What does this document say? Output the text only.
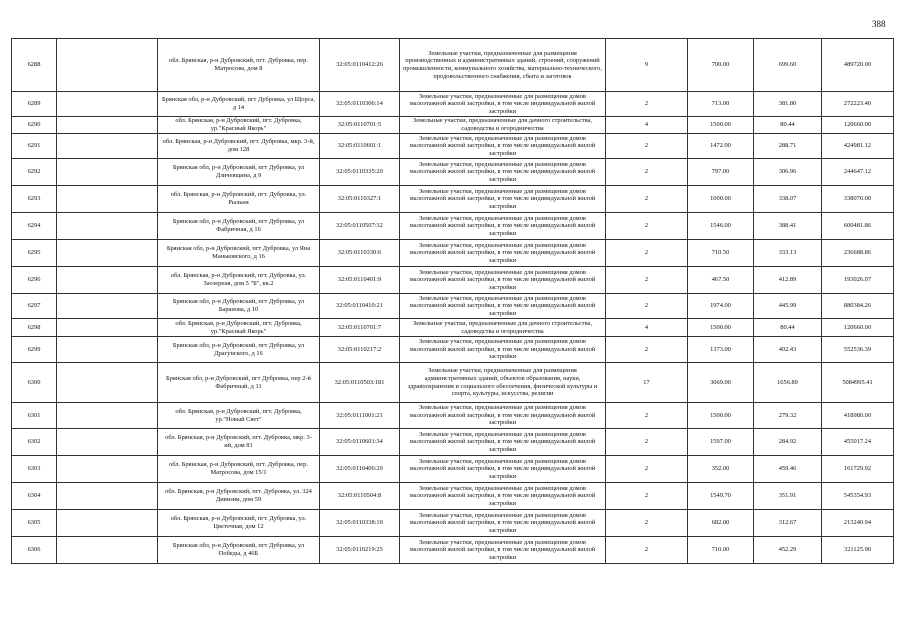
388
6288		обл. Брянская, р-н Дубровский, пгт. Дубровка, пер. Матросова, дом 8	32:05:0110412:26	Земельные участки, предназначенные для размещения производственных и административных зданий, строений, сооружений промышленности, коммунального хозяйства, материально-технического, продовольственного снабжения, сбыта и заготовок	9	700.00	699.60	489720.00
6289		Брянская обл, р-н Дубровский, пгт Дубровка, ул Щорса, д 14	32:05:0110306:14	Земельные участки, предназначенные для размещения домов малоэтажной жилой застройки, в том числе индивидуальной жилой застройки	2	713.00	381.80	272223.40
6290		обл. Брянская, р-н Дубровский, пгт. Дубровка, ур."Красный Якорь"	32:05:0110701:5	Земельные участки, предназначенные для дачного строительства, садоводства и огородничества	4	1500.00	80.44	120660.00
6291		обл. Брянская, р-н Дубровский, пгт. Дубровка, мкр. 3-й, дом 128	32:05:0110601:1	Земельные участки, предназначенные для размещения домов малоэтажной жилой застройки, в том числе индивидуальной жилой застройки	2	1472.00	288.71	424981.12
6292		Брянская обл, р-н Дубровский, пгт Дубровка, ул Дзичевщина, д 9	32:05:0110335:20	Земельные участки, предназначенные для размещения домов малоэтажной жилой застройки, в том числе индивидуальной жилой застройки	2	797.00	306.96	244647.12
6293		обл. Брянская, р-н Дубровский, пгт. Дубровка, ул. Рыльня	32:05:0110327:1	Земельные участки, предназначенные для размещения домов малоэтажной жилой застройки, в том числе индивидуальной жилой застройки	2	1000.00	338.07	338070.00
6294		Брянская обл, р-н Дубровский, пгт Дубровка, ул Фабричная, д 16	32:05:0110507:32	Земельные участки, предназначенные для размещения домов малоэтажной жилой застройки, в том числе индивидуальной жилой застройки	2	1546.00	388.41	600481.86
6295		Брянская обл, р-н Дубровский, пгт Дубровка, ул Яна Маньковского, д 16	32:05:0110330:6	Земельные участки, предназначенные для размещения домов малоэтажной жилой застройки, в том числе индивидуальной жилой застройки	2	710.50	333.13	236688.86
6296		обл. Брянская, р-н Дубровский, пгт. Дубровка, ул. Заозерная, дом 5 "Б", кв.2	32:05:0110401:9	Земельные участки, предназначенные для размещения домов малоэтажной жилой застройки, в том числе индивидуальной жилой застройки	2	467.50	412.89	193026.07
6297		Брянская обл, р-н Дубровский, пгт Дубровка, ул Баранова, д 10	32:05:0110410:21	Земельные участки, предназначенные для размещения домов малоэтажной жилой застройки, в том числе индивидуальной жилой застройки	2	1974.00	445.99	880384.26
6298		обл. Брянская, р-н Дубровский, пгт. Дубровка, ур."Красный Якорь"	32:05:0110701:7	Земельные участки, предназначенные для дачного строительства, садоводства и огородничества	4	1500.00	80.44	120660.00
6299		Брянская обл, р-н Дубровский, пгт Дубровка, ул Драгунского, д 16	32:05:0110217:2	Земельные участки, предназначенные для размещения домов малоэтажной жилой застройки, в том числе индивидуальной жилой застройки	2	1373.00	402.43	552536.39
6300		Брянская обл, р-н Дубровский, пгт Дубровка, пер 2-й Фабричный, д 11	32:05:0110503:181	Земельные участки, предназначенные для размещения административных зданий, объектов образования, науки, здравоохранения и социального обеспечения, физической культуры и спорта, культуры, искусства, религии	17	3069.00	1656.89	5084995.41
6301		обл. Брянская, р-н Дубровский, пгт. Дубровка, ур."Новый Свет"	32:05:0111001:21	Земельные участки, предназначенные для размещения домов малоэтажной жилой застройки, в том числе индивидуальной жилой застройки	2	1500.00	279.32	418980.00
6302		обл. Брянская, р-н Дубровский, пгт. Дубровка, мкр. 3-ий, дом 81	32:05:0110601:34	Земельные участки, предназначенные для размещения домов малоэтажной жилой застройки, в том числе индивидуальной жилой застройки	2	1597.00	284.92	455017.24
6303		обл. Брянская, р-н Дубровский, пгт. Дубровка, пер. Матросова, дом 15/1	32:05:0110406:20	Земельные участки, предназначенные для размещения домов малоэтажной жилой застройки, в том числе индивидуальной жилой застройки	2	352.00	459.46	161729.92
6304		обл. Брянская, р-н Дубровский, пгт. Дубровка, ул. 324 Дивизии, дом 59	32:05:0110504:8	Земельные участки, предназначенные для размещения домов малоэтажной жилой застройки, в том числе индивидуальной жилой застройки	2	1549.70	351.91	545354.93
6305		обл. Брянская, р-н Дубровский, пгт. Дубровка, ул. Цветочная, дом 12	32:05:0110338:10	Земельные участки, предназначенные для размещения домов малоэтажной жилой застройки, в том числе индивидуальной жилой застройки	2	682.00	312.67	213240.94
6306		Брянская обл, р-н Дубровский, пгт Дубровка, ул Победы, д 46Б	32:05:0110219:25	Земельные участки, предназначенные для размещения домов малоэтажной жилой застройки, в том числе индивидуальной жилой застройки	2	710.00	452.29	321125.90
